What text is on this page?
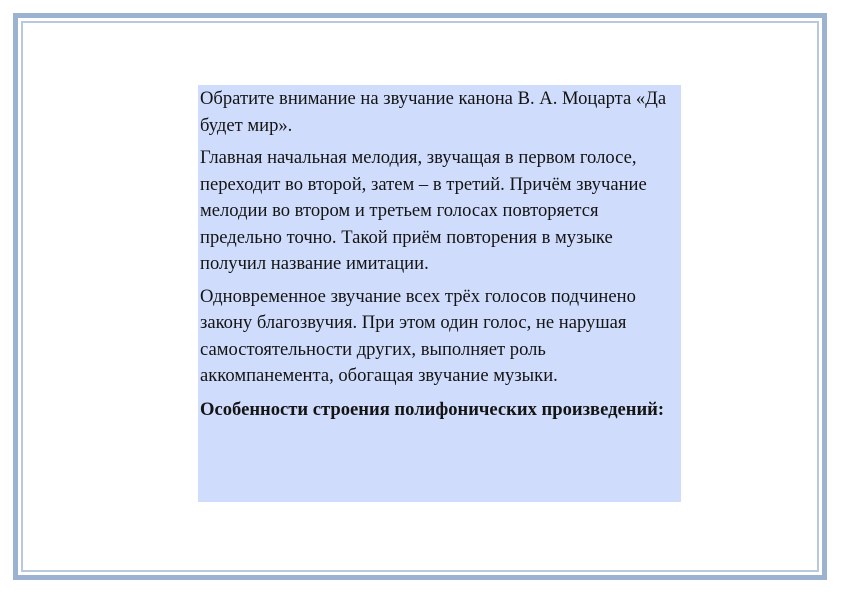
Обратите внимание на звучание канона В. А. Моцарта «Да будет мир».

Главная начальная мелодия, звучащая в первом голосе, переходит во второй, затем – в третий. Причём звучание мелодии во втором и третьем голосах повторяется предельно точно. Такой приём повторения в музыке получил название имитации.

Одновременное звучание всех трёх голосов подчинено закону благозвучия. При этом один голос, не нарушая самостоятельности других, выполняет роль аккомпанемента, обогащая звучание музыки.

Особенности строения полифонических произведений:
